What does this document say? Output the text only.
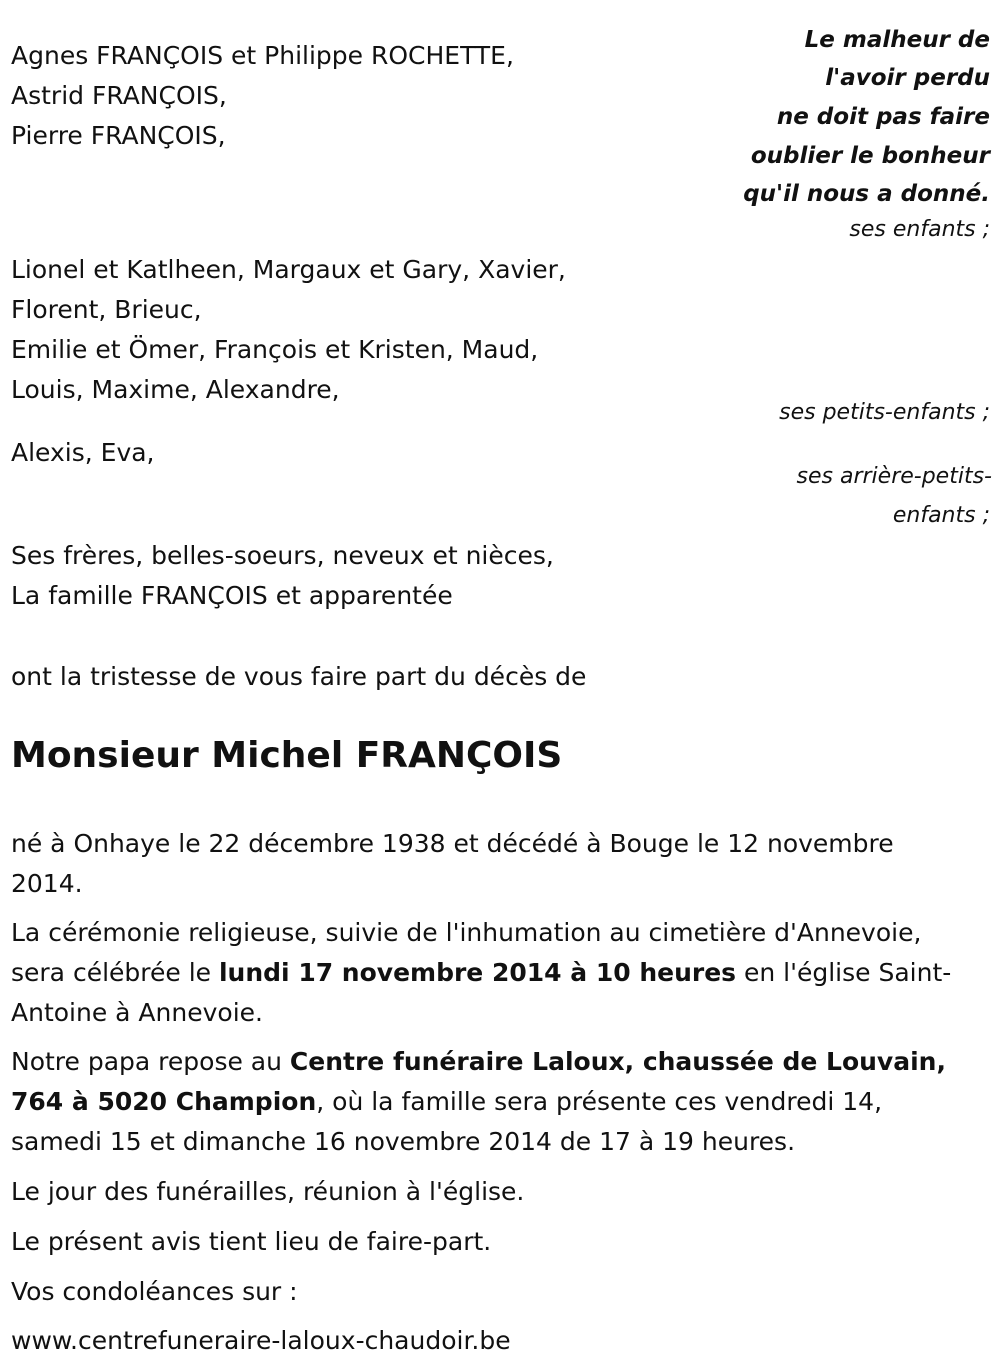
Agnes FRANÇOIS et Philippe ROCHETTE,
Astrid FRANÇOIS,
Pierre FRANÇOIS,
Lionel et Katlheen, Margaux et Gary, Xavier,
Florent, Brieuc,
Emilie et Ömer, François et Kristen, Maud,
Louis, Maxime, Alexandre,
Alexis, Eva,
Ses frères, belles-soeurs, neveux et nièces,
La famille FRANÇOIS et apparentée
Le malheur de
l'avoir perdu
ne doit pas faire
oublier le bonheur
qu'il nous a donné.
ses enfants ;
ses petits-enfants ;
ses arrière-petits-
enfants ;
ont la tristesse de vous faire part du décès de
Monsieur Michel FRANÇOIS
né à Onhaye le 22 décembre 1938 et décédé à Bouge le 12 novembre
2014.
La cérémonie religieuse, suivie de l'inhumation au cimetière d'Annevoie,
sera célébrée le lundi 17 novembre 2014 à 10 heures en l'église Saint-
Antoine à Annevoie.
Notre papa repose au Centre funéraire Laloux, chaussée de Louvain,
764 à 5020 Champion, où la famille sera présente ces vendredi 14,
samedi 15 et dimanche 16 novembre 2014 de 17 à 19 heures.
Le jour des funérailles, réunion à l'église.
Le présent avis tient lieu de faire-part.
Vos condoléances sur :
www.centrefuneraire-laloux-chaudoir.be
